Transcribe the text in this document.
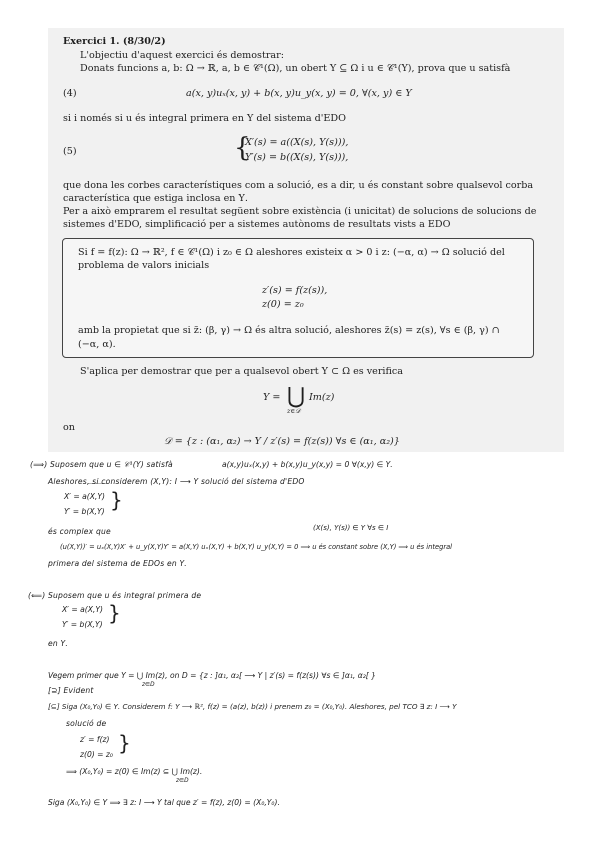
Exercici 1. (8/30/2)
L'objectiu d'aquest exercici és demostrar:
Donats funcions a, b: Ω → ℝ, a, b ∈ 𝒞¹(Ω), un obert Υ ⊆ Ω i u ∈ 𝒞¹(Υ), prova que u satisfà
(4)	a(x, y)uₓ(x, y) + b(x, y)u_y(x, y) = 0, ∀(x, y) ∈ Υ
si i només si u és integral primera en Υ del sistema d'EDO
(5)	{
X′(s) = a((X(s), Y(s))),
Y′(s) = b((X(s), Y(s))),
que dona les corbes característiques com a solució, es a dir, u és constant sobre qualsevol corba
característica que estiga inclosa en Υ.
Per a això emprarem el resultat següent sobre existència (i unicitat) de solucions de solucions de
sistemes d'EDO, simplificació per a sistemes autònoms de resultats vists a EDO
Si f = f(z): Ω → ℝ², f ∈ 𝒞¹(Ω) i z₀ ∈ Ω aleshores existeix α > 0 i z: (−α, α) → Ω solució del
problema de valors inicials
z′(s) = f(z(s)),
z(0) = z₀
amb la propietat que si z̃: (β, γ) → Ω és altra solució, aleshores z̃(s) = z(s), ∀s ∈ (β, γ) ∩
(−α, α).
S'aplica per demostrar que per a qualsevol obert Υ ⊂ Ω es verifica
Υ = ⋃
z∈𝒟
Im(z)
on
𝒟 = {z : (α₁, α₂) → Υ / z′(s) = f(z(s)) ∀s ∈ (α₁, α₂)}
(⟹) Suposem que u ∈ 𝒞¹(Υ) satisfà	a(x,y)uₓ(x,y) + b(x,y)u_y(x,y) = 0 ∀(x,y) ∈ Υ.
Aleshores, si considerem (X,Y): I ⟶ Υ solució del sistema d'EDO
X′ = a(X,Y)
Y′ = b(X,Y) }
és complex que	(X(s), Y(s)) ∈ Υ ∀s ∈ I
(u(X,Y))′ = uₓ(X,Y)X′ + u_y(X,Y)Y′ = a(X,Y) uₓ(X,Y) + b(X,Y) u_y(X,Y) = 0 ⟹ u és constant sobre (X,Y) ⟹ u és integral
primera del sistema de EDOs en Υ.
(⟸) Suposem que u és integral primera de
X′ = a(X,Y)
Y′ = b(X,Y) }
en Υ.
Vegem primer que Υ = ⋃ Im(z), on D = {z : ]α₁, α₂[ ⟶ Υ | z′(s) = f(z(s)) ∀s ∈ ]α₁, α₂[ }
z∈D
[⊇] Evident
[⊆] Siga (X₀,Y₀) ∈ Υ. Considerem f: Υ ⟶ ℝ², f(z) = (a(z), b(z)) i prenem z₀ = (X₀,Y₀). Aleshores, pel TCO ∃ z: I ⟶ Υ
solució de
z′ = f(z)
z(0) = z₀ }
⟹ (X₀,Y₀) = z(0) ∈ Im(z) ⊆ ⋃ Im(z).
z∈D
Siga (X₀,Y₀) ∈ Υ ⟹ ∃ z: I ⟶ Υ tal que z′ = f(z), z(0) = (X₀,Y₀).
